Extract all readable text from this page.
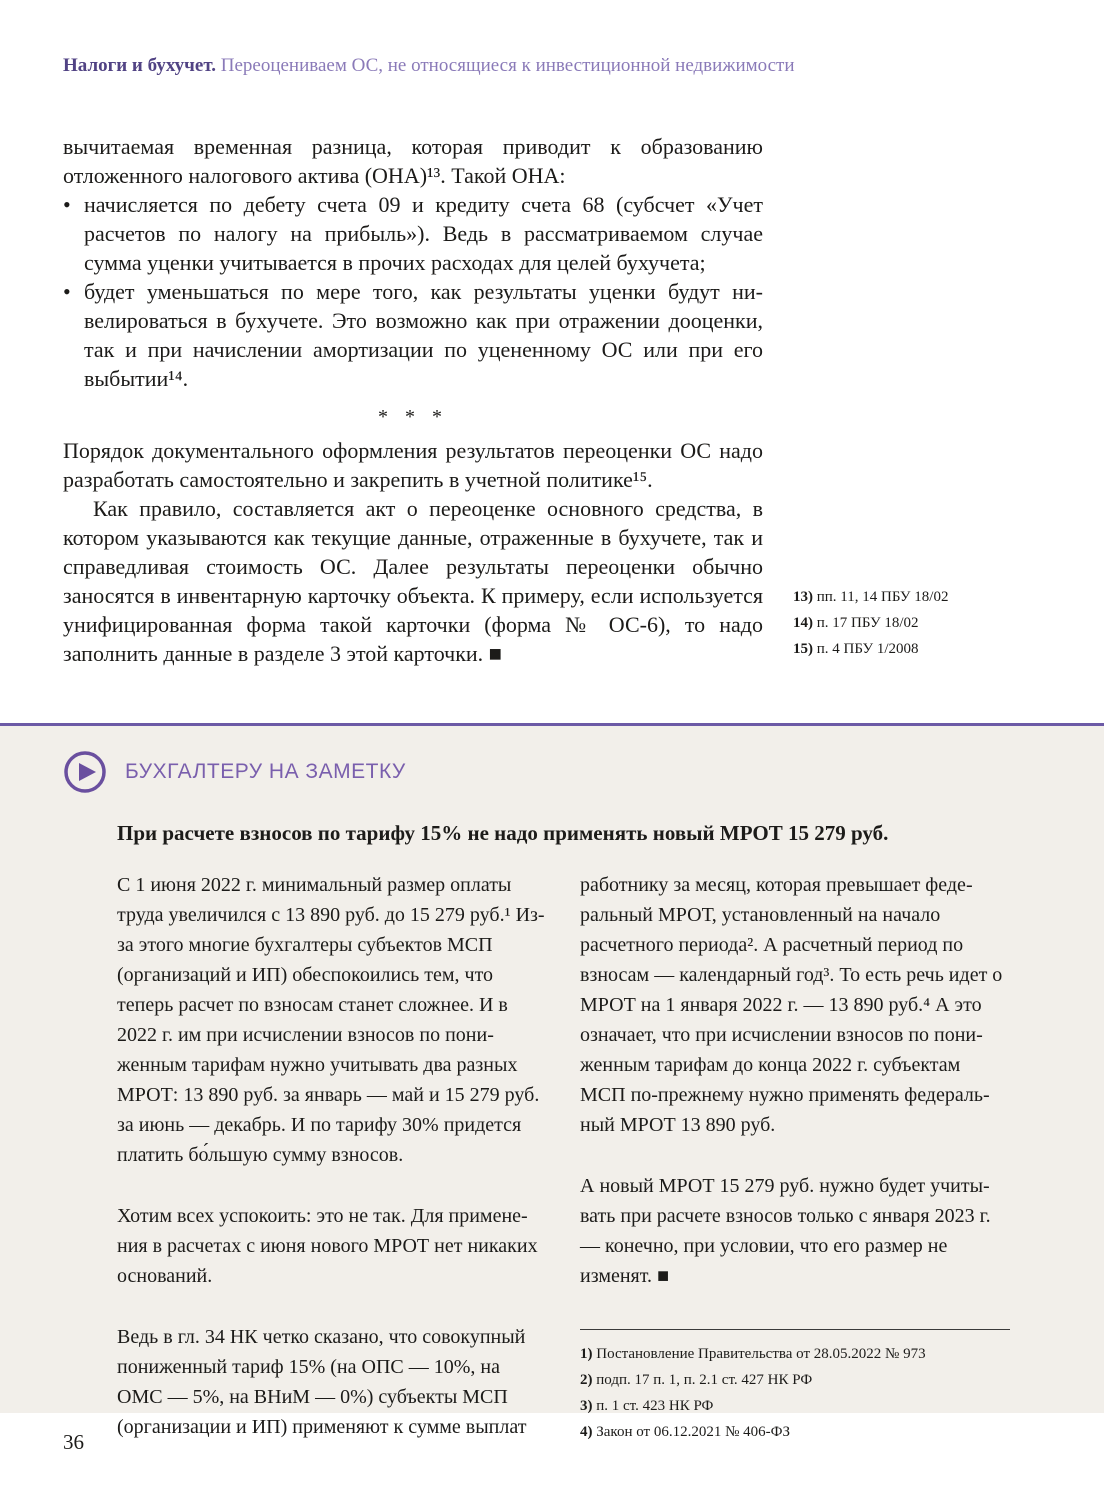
Налоги и бухучет. Переоцениваем ОС, не относящиеся к инвестиционной недвижимости

вычитаемая временная разница, которая приводит к образованию отложенного налогового актива (ОНА)¹³. Такой ОНА:

• начисляется по дебету счета 09 и кредиту счета 68 (субсчет «Учет расчетов по налогу на прибыль»). Ведь в рассматриваемом случае сумма уценки учитывается в прочих расходах для целей бухучета;
• будет уменьшаться по мере того, как результаты уценки будут нивелироваться в бухучете. Это возможно как при отражении дооценки, так и при начислении амортизации по уцененному ОС или при его выбытии¹⁴.
* * *

Порядок документального оформления результатов переоценки ОС надо разработать самостоятельно и закрепить в учетной политике¹⁵.

Как правило, составляется акт о переоценке основного средства, в котором указываются как текущие данные, отраженные в бухучете, так и справедливая стоимость ОС. Далее результаты переоценки обычно заносятся в инвентарную карточку объекта. К примеру, если используется унифицированная форма такой карточки (форма № ОС-6), то надо заполнить данные в разделе 3 этой карточки. ■

13) пп. 11, 14 ПБУ 18/02
14) п. 17 ПБУ 18/02
15) п. 4 ПБУ 1/2008
БУХГАЛТЕРУ НА ЗАМЕТКУ
При расчете взносов по тарифу 15% не надо применять новый МРОТ 15 279 руб.

С 1 июня 2022 г. минимальный размер оплаты труда увеличился с 13 890 руб. до 15 279 руб.¹ Из-за этого многие бухгалтеры субъектов МСП (организаций и ИП) обеспокоились тем, что теперь расчет по взносам станет сложнее. И в 2022 г. им при исчислении взносов по пониженным тарифам нужно учитывать два разных МРОТ: 13 890 руб. за январь — май и 15 279 руб. за июнь — декабрь. И по тарифу 30% придется платить бо́льшую сумму взносов.

Хотим всех успокоить: это не так. Для применения в расчетах с июня нового МРОТ нет никаких оснований.

Ведь в гл. 34 НК четко сказано, что совокупный пониженный тариф 15% (на ОПС — 10%, на ОМС — 5%, на ВНиМ — 0%) субъекты МСП (организации и ИП) применяют к сумме выплат

работнику за месяц, которая превышает федеральный МРОТ, установленный на начало расчетного периода². А расчетный период по взносам — календарный год³. То есть речь идет о МРОТ на 1 января 2022 г. — 13 890 руб.⁴ А это означает, что при исчислении взносов по пониженным тарифам до конца 2022 г. субъектам МСП по-прежнему нужно применять федеральный МРОТ 13 890 руб.

А новый МРОТ 15 279 руб. нужно будет учитывать при расчете взносов только с января 2023 г. — конечно, при условии, что его размер не изменят. ■

1) Постановление Правительства от 28.05.2022 № 973
2) подп. 17 п. 1, п. 2.1 ст. 427 НК РФ
3) п. 1 ст. 423 НК РФ
4) Закон от 06.12.2021 № 406-ФЗ
36
